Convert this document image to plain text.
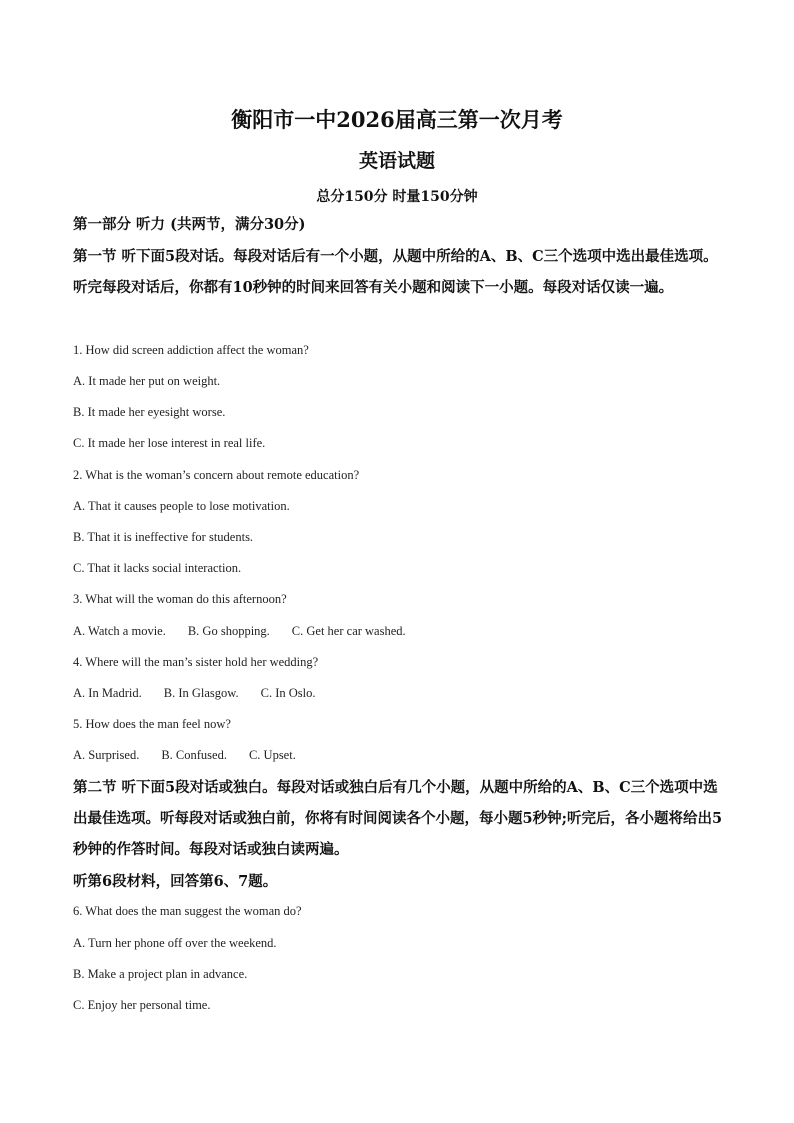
衡阳市一中2026届高三第一次月考
英语试题
总分150分 时量150分钟

第一部分 听力 (共两节，满分30分)

第一节 听下面5段对话。每段对话后有一个小题，从题中所给的A、B、C三个选项中选出最佳选项。听完每段对话后，你都有10秒钟的时间来回答有关小题和阅读下一小题。每段对话仅读一遍。

1. How did screen addiction affect the woman?

A. It made her put on weight.

B. It made her eyesight worse.

C. It made her lose interest in real life.

2. What is the woman’s concern about remote education?

A. That it causes people to lose motivation.

B. That it is ineffective for students.

C. That it lacks social interaction.

3. What will the woman do this afternoon?

A. Watch a movie. B. Go shopping. C. Get her car washed.

4. Where will the man’s sister hold her wedding?

A. In Madrid. B. In Glasgow. C. In Oslo.

5. How does the man feel now?

A. Surprised. B. Confused. C. Upset.

第二节 听下面5段对话或独白。每段对话或独白后有几个小题，从题中所给的A、B、C三个选项中选出最佳选项。听每段对话或独白前，你将有时间阅读各个小题，每小题5秒钟;听完后，各小题将给出5秒钟的作答时间。每段对话或独白读两遍。

听第6段材料，回答第6、7题。

6. What does the man suggest the woman do?

A. Turn her phone off over the weekend.

B. Make a project plan in advance.

C. Enjoy her personal time.
